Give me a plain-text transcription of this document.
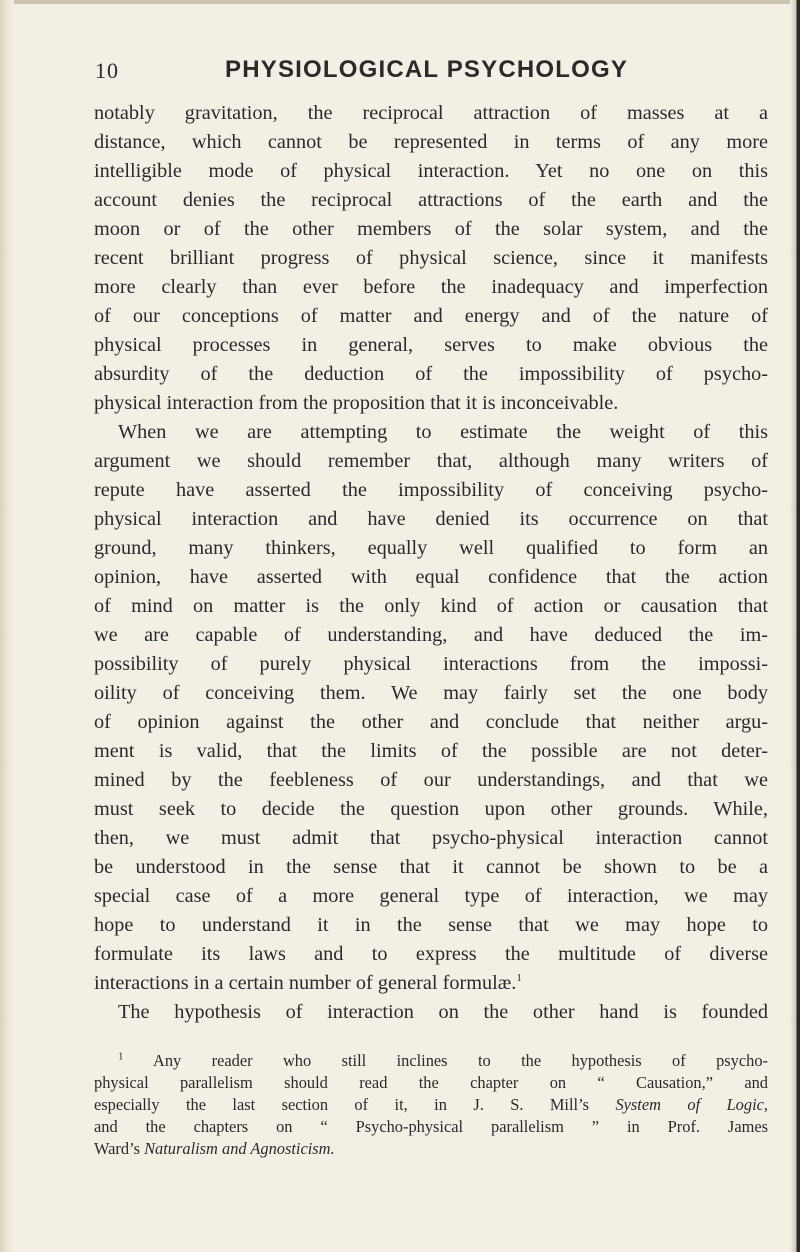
10	PHYSIOLOGICAL PSYCHOLOGY
notably gravitation, the reciprocal attraction of masses at a
distance, which cannot be represented in terms of any more
intelligible mode of physical interaction. Yet no one on this
account denies the reciprocal attractions of the earth and the
moon or of the other members of the solar system, and the
recent brilliant progress of physical science, since it manifests
more clearly than ever before the inadequacy and imperfection
of our conceptions of matter and energy and of the nature of
physical processes in general, serves to make obvious the
absurdity of the deduction of the impossibility of psycho-
physical interaction from the proposition that it is inconceivable.
When we are attempting to estimate the weight of this
argument we should remember that, although many writers of
repute have asserted the impossibility of conceiving psycho-
physical interaction and have denied its occurrence on that
ground, many thinkers, equally well qualified to form an
opinion, have asserted with equal confidence that the action
of mind on matter is the only kind of action or causation that
we are capable of understanding, and have deduced the im-
possibility of purely physical interactions from the impossi-
oility of conceiving them. We may fairly set the one body
of opinion against the other and conclude that neither argu-
ment is valid, that the limits of the possible are not deter-
mined by the feebleness of our understandings, and that we
must seek to decide the question upon other grounds. While,
then, we must admit that psycho-physical interaction cannot
be understood in the sense that it cannot be shown to be a
special case of a more general type of interaction, we may
hope to understand it in the sense that we may hope to
formulate its laws and to express the multitude of diverse
interactions in a certain number of general formulæ.$^1$
The hypothesis of interaction on the other hand is founded
$^1$ Any reader who still inclines to the hypothesis of psycho-
physical parallelism should read the chapter on “ Causation,” and
especially the last section of it, in J. S. Mill’s System of Logic,
and the chapters on “ Psycho-physical parallelism ” in Prof. James
Ward’s Naturalism and Agnosticism.
